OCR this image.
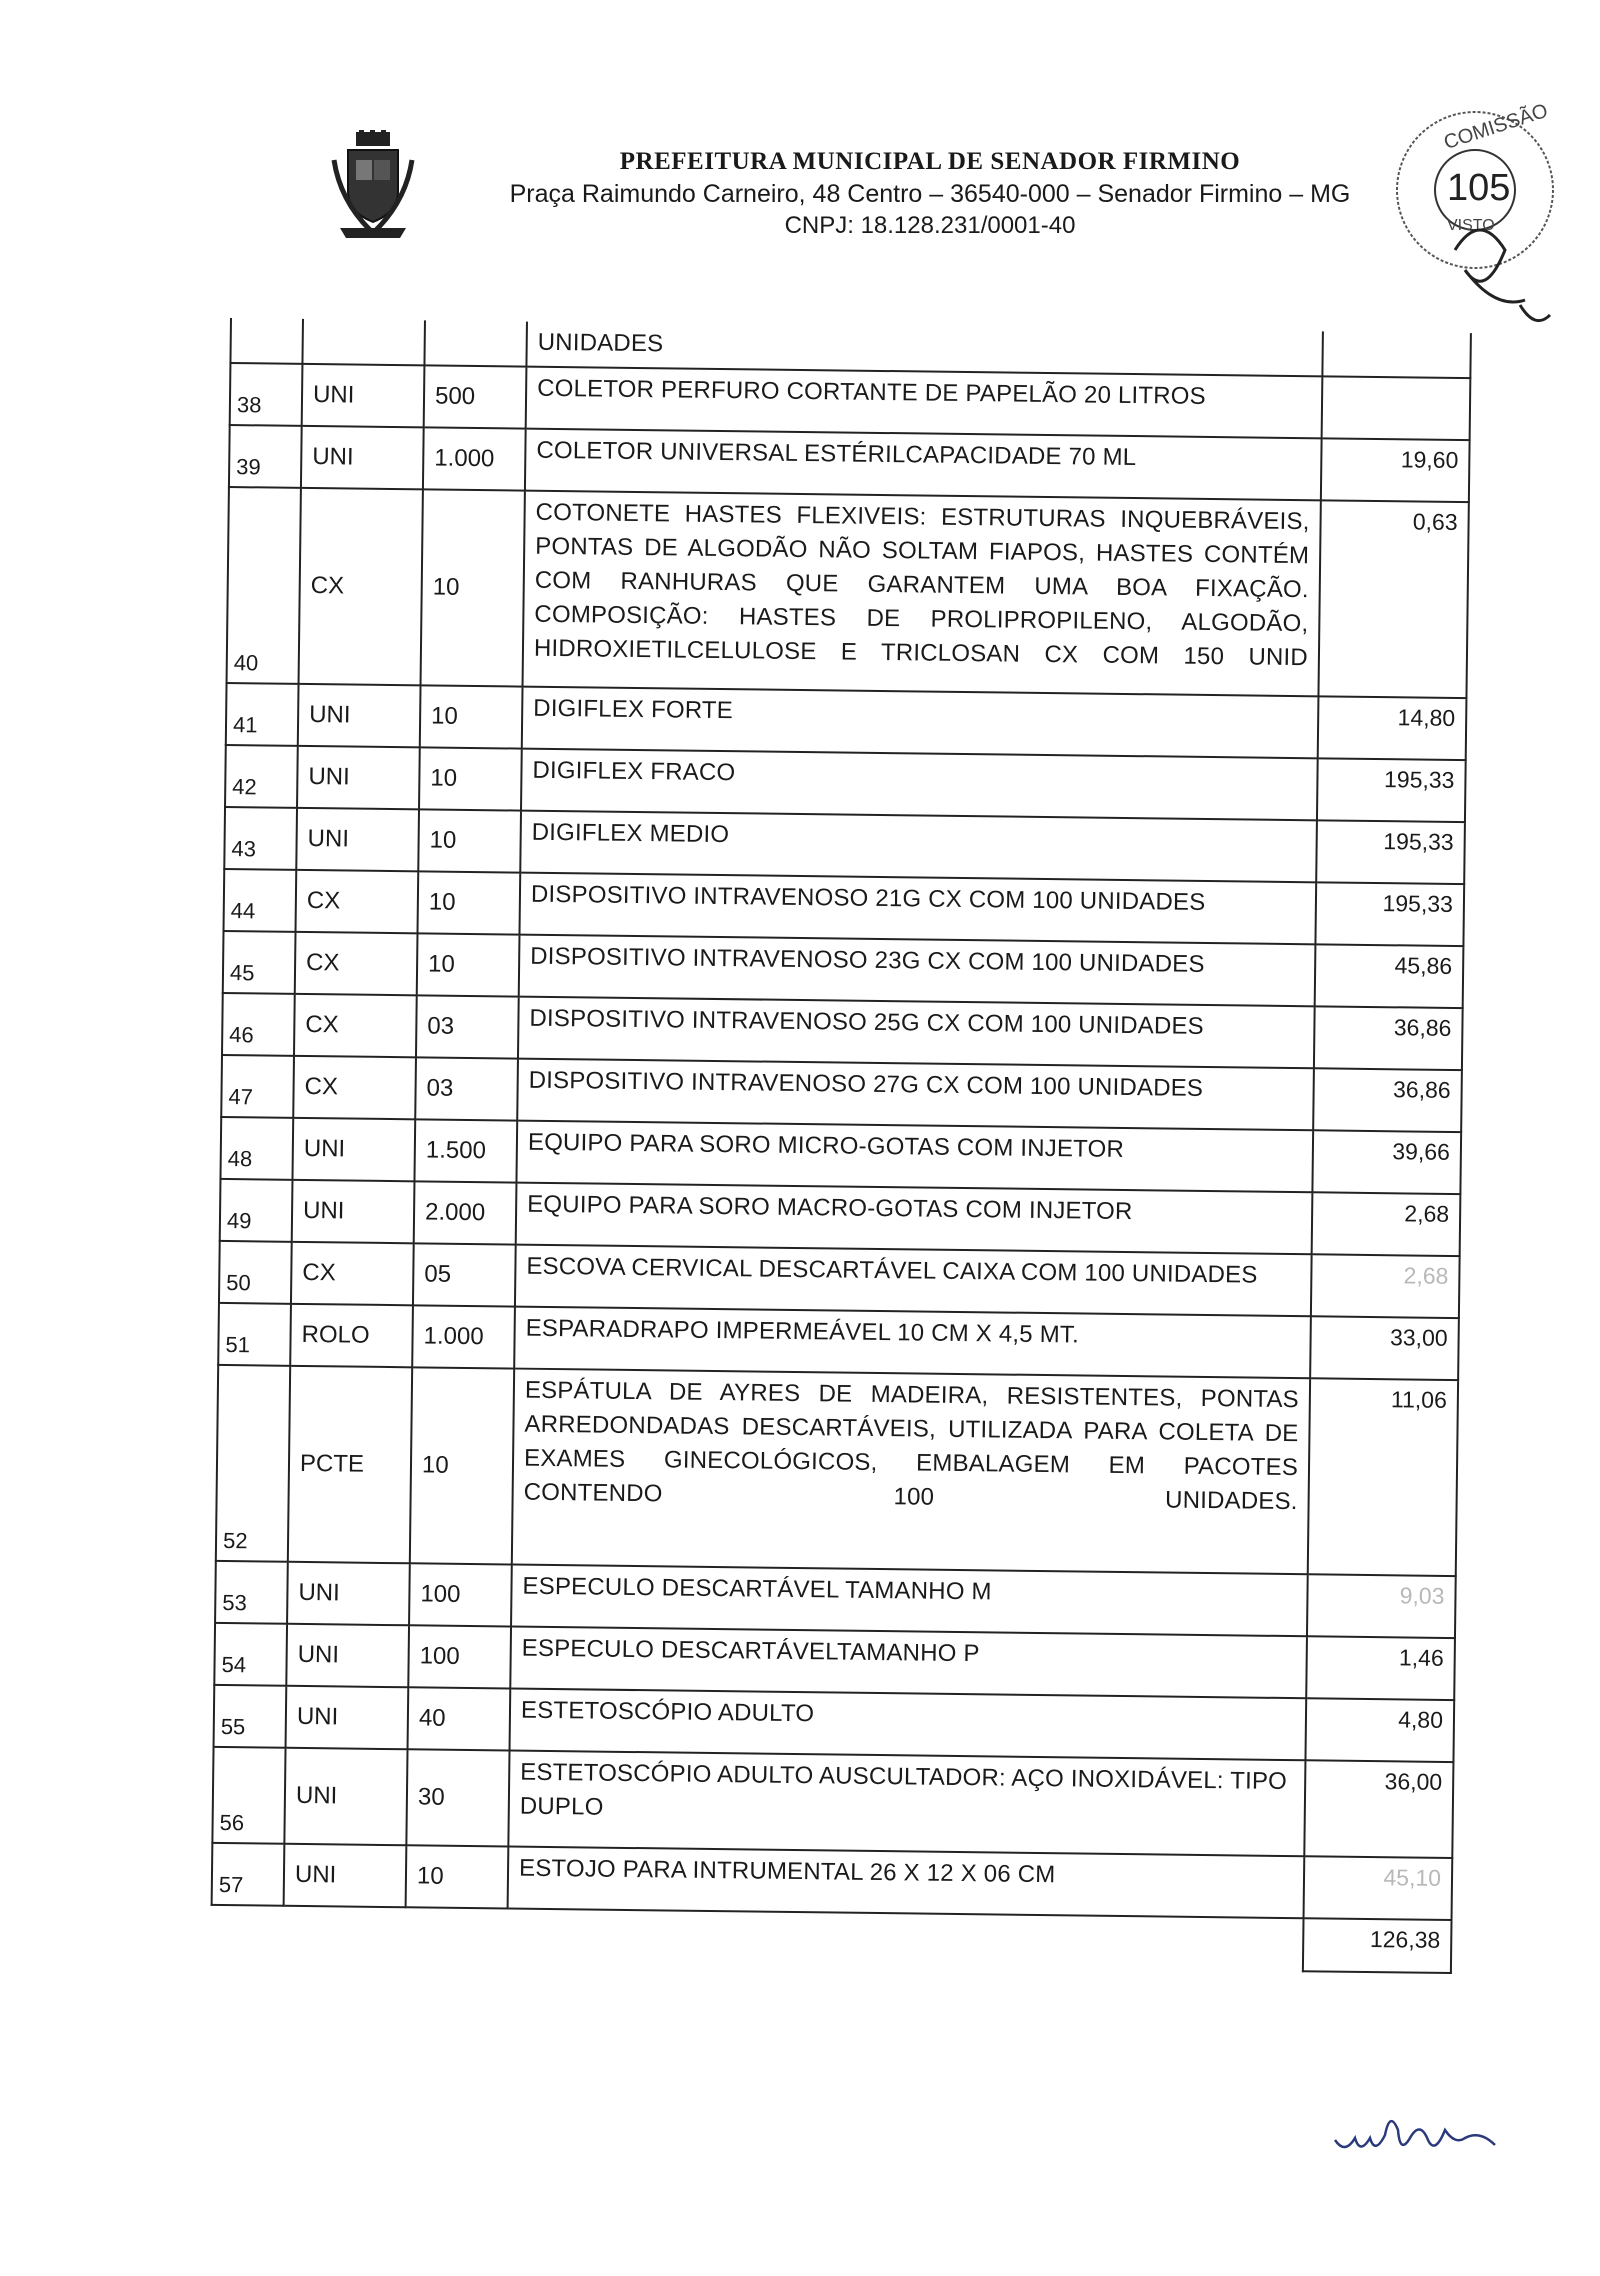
PREFEITURA MUNICIPAL DE SENADOR FIRMINO
Praça Raimundo Carneiro, 48 Centro – 36540-000 – Senador Firmino – MG
CNPJ: 18.128.231/0001-40
COMISSÃO
105
VISTO
			UNIDADES	
38	UNI	500	COLETOR PERFURO CORTANTE DE PAPELÃO 20 LITROS	
39	UNI	1.000	COLETOR UNIVERSAL ESTÉRILCAPACIDADE 70 ML	19,60
40	CX	10	COTONETE HASTES FLEXIVEIS: ESTRUTURAS INQUEBRÁVEIS, PONTAS DE ALGODÃO NÃO SOLTAM FIAPOS, HASTES CONTÉM COM RANHURAS QUE GARANTEM UMA BOA FIXAÇÃO. COMPOSIÇÃO: HASTES DE PROLIPROPILENO, ALGODÃO, HIDROXIETILCELULOSE E TRICLOSAN CX COM 150 UNID	0,63
41	UNI	10	DIGIFLEX FORTE	14,80
42	UNI	10	DIGIFLEX FRACO	195,33
43	UNI	10	DIGIFLEX MEDIO	195,33
44	CX	10	DISPOSITIVO INTRAVENOSO 21G CX COM 100 UNIDADES	195,33
45	CX	10	DISPOSITIVO INTRAVENOSO 23G CX COM 100 UNIDADES	45,86
46	CX	03	DISPOSITIVO INTRAVENOSO 25G CX COM 100 UNIDADES	36,86
47	CX	03	DISPOSITIVO INTRAVENOSO 27G CX COM 100 UNIDADES	36,86
48	UNI	1.500	EQUIPO PARA SORO MICRO-GOTAS COM INJETOR	39,66
49	UNI	2.000	EQUIPO PARA SORO MACRO-GOTAS COM INJETOR	2,68
50	CX	05	ESCOVA CERVICAL DESCARTÁVEL CAIXA COM 100 UNIDADES	2,68
51	ROLO	1.000	ESPARADRAPO IMPERMEÁVEL 10 CM X 4,5 MT.	33,00
52	PCTE	10	ESPÁTULA DE AYRES DE MADEIRA, RESISTENTES, PONTAS ARREDONDADAS DESCARTÁVEIS, UTILIZADA PARA COLETA DE EXAMES GINECOLÓGICOS, EMBALAGEM EM PACOTES CONTENDO 100 UNIDADES.	11,06
53	UNI	100	ESPECULO DESCARTÁVEL TAMANHO M	9,03
54	UNI	100	ESPECULO DESCARTÁVELTAMANHO P	1,46
55	UNI	40	ESTETOSCÓPIO ADULTO	4,80
56	UNI	30	ESTETOSCÓPIO ADULTO AUSCULTADOR: AÇO INOXIDÁVEL: TIPO DUPLO	36,00
57	UNI	10	ESTOJO PARA INTRUMENTAL 26 X 12 X 06 CM	45,10
				126,38
